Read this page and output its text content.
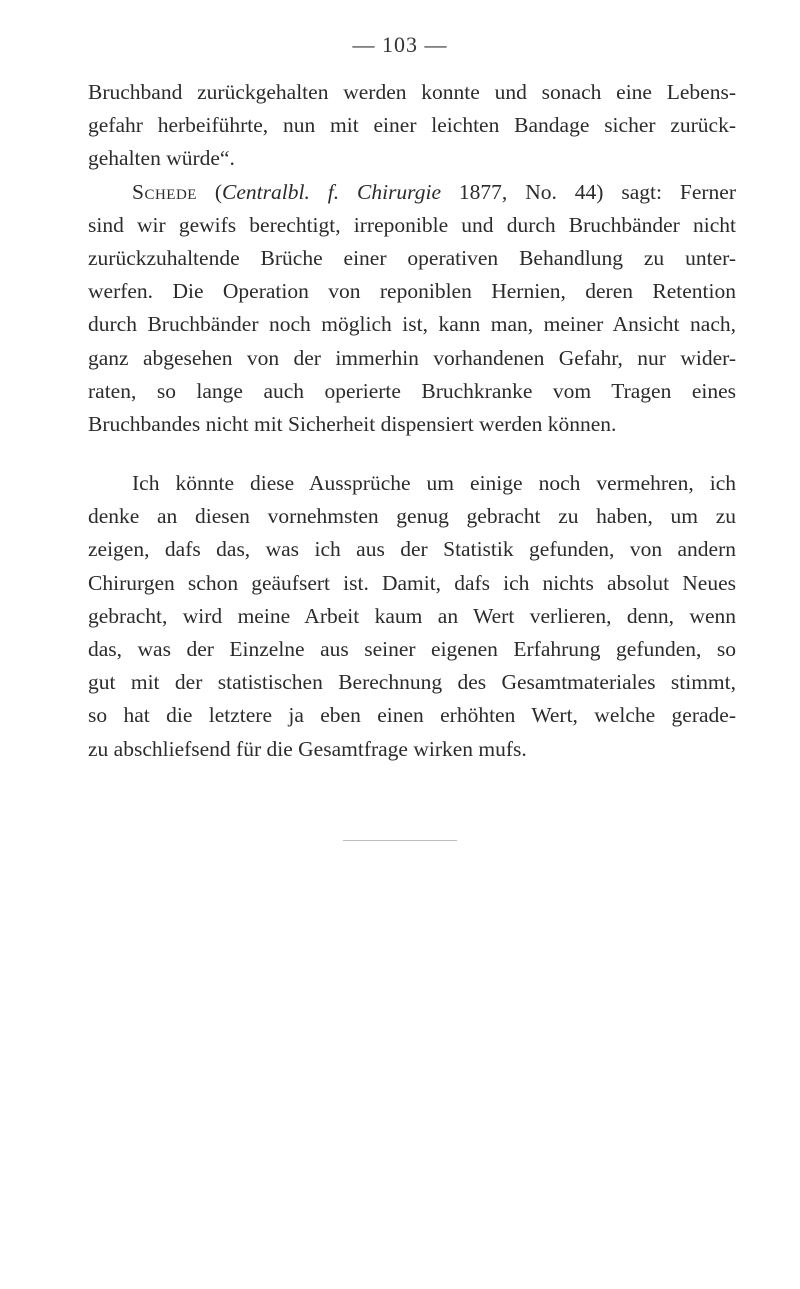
— 103 —
Bruchband zurückgehalten werden konnte und sonach eine Lebens-
gefahr herbeiführte, nun mit einer leichten Bandage sicher zurück-
gehalten würde“.
Schede (Centralbl. f. Chirurgie 1877, No. 44) sagt: Ferner
sind wir gewifs berechtigt, irreponible und durch Bruchbänder nicht
zurückzuhaltende Brüche einer operativen Behandlung zu unter-
werfen. Die Operation von reponiblen Hernien, deren Retention
durch Bruchbänder noch möglich ist, kann man, meiner Ansicht nach,
ganz abgesehen von der immerhin vorhandenen Gefahr, nur wider-
raten, so lange auch operierte Bruchkranke vom Tragen eines
Bruchbandes nicht mit Sicherheit dispensiert werden können.
Ich könnte diese Aussprüche um einige noch vermehren, ich
denke an diesen vornehmsten genug gebracht zu haben, um zu
zeigen, dafs das, was ich aus der Statistik gefunden, von andern
Chirurgen schon geäufsert ist. Damit, dafs ich nichts absolut Neues
gebracht, wird meine Arbeit kaum an Wert verlieren, denn, wenn
das, was der Einzelne aus seiner eigenen Erfahrung gefunden, so
gut mit der statistischen Berechnung des Gesamtmateriales stimmt,
so hat die letztere ja eben einen erhöhten Wert, welche gerade-
zu abschliefsend für die Gesamtfrage wirken mufs.
